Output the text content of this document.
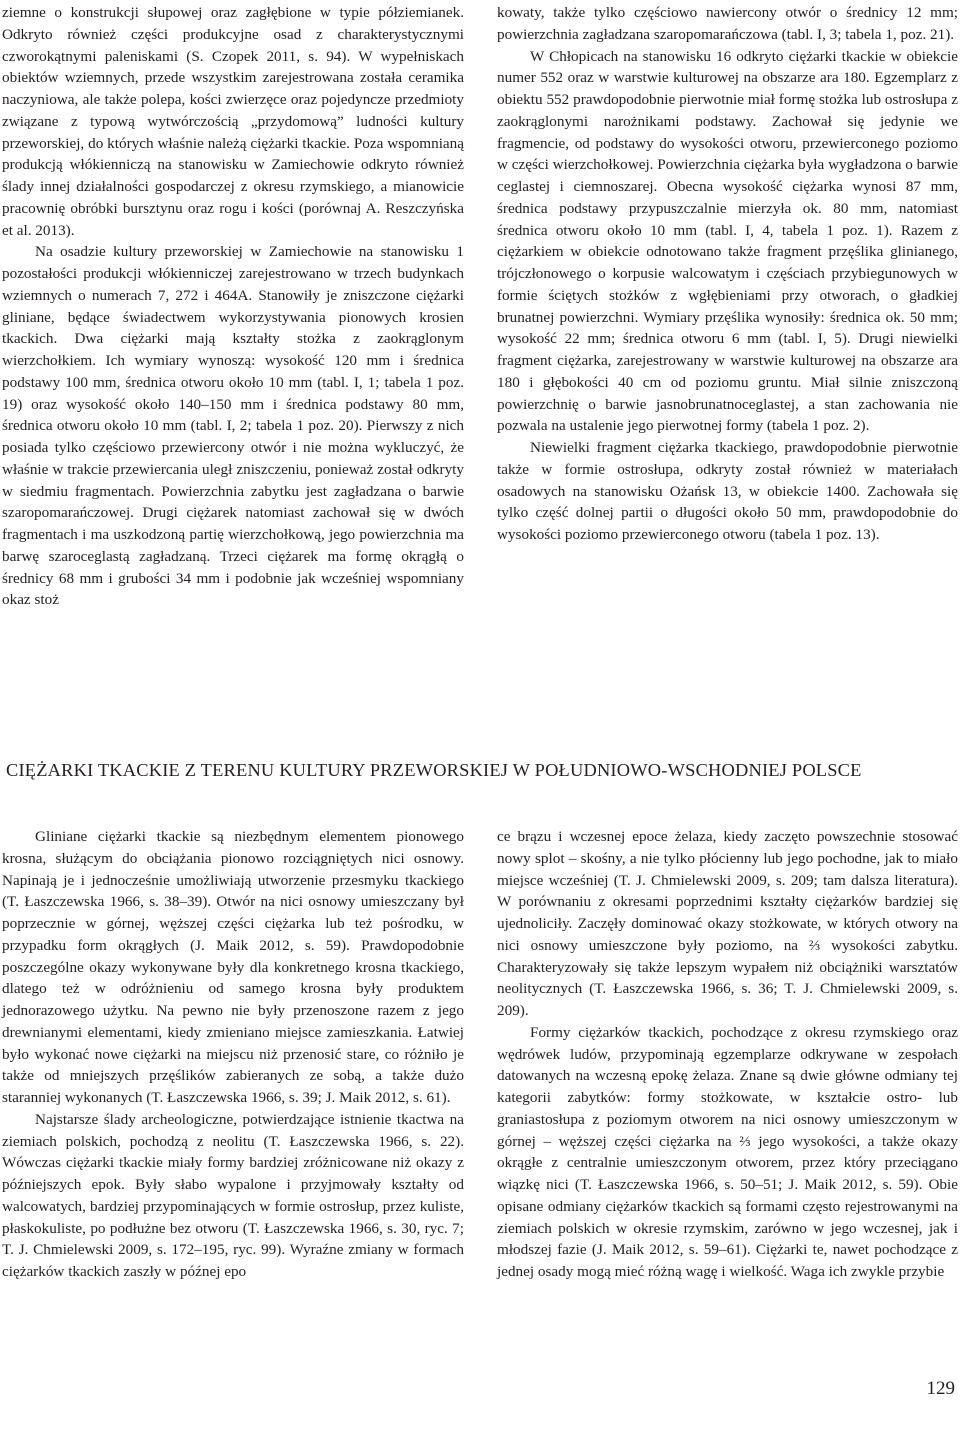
ziemne o konstrukcji słupowej oraz zagłębione w typie półziemianek. Odkryto również części produkcyjne osad z charakterystycznymi czworokątnymi paleniskami (S. Czopek 2011, s. 94). W wypełniskach obiektów wziemnych, przede wszystkim zarejestrowana została ceramika naczyniowa, ale także polepa, kości zwierzęce oraz pojedyncze przedmioty związane z typową wytwórczością „przydomową” ludności kultury przeworskiej, do których właśnie należą ciężarki tkackie. Poza wspomnianą produkcją włókienniczą na stanowisku w Zamiechowie odkryto również ślady innej działalności gospodarczej z okresu rzymskiego, a mianowicie pracownię obróbki bursztynu oraz rogu i kości (porównaj A. Reszczyńska et al. 2013).

Na osadzie kultury przeworskiej w Zamiechowie na stanowisku 1 pozostałości produkcji włókienniczej zarejestrowano w trzech budynkach wziemnych o numerach 7, 272 i 464A. Stanowiły je zniszczone ciężarki gliniane, będące świadectwem wykorzystywania pionowych krosien tkackich. Dwa ciężarki mają kształty stożka z zaokrąglonym wierzchołkiem. Ich wymiary wynoszą: wysokość 120 mm i średnica podstawy 100 mm, średnica otworu około 10 mm (tabl. I, 1; tabela 1 poz. 19) oraz wysokość około 140–150 mm i średnica podstawy 80 mm, średnica otworu około 10 mm (tabl. I, 2; tabela 1 poz. 20). Pierwszy z nich posiada tylko częściowo przewiercony otwór i nie można wykluczyć, że właśnie w trakcie przewiercania uległ zniszczeniu, ponieważ został odkryty w siedmiu fragmentach. Powierzchnia zabytku jest zagładzana o barwie szaropomarańczowej. Drugi ciężarek natomiast zachował się w dwóch fragmentach i ma uszkodzoną partię wierzchołkową, jego powierzchnia ma barwę szaroceglastą zagładzaną. Trzeci ciężarek ma formę okrągłą o średnicy 68 mm i grubości 34 mm i podobnie jak wcześniej wspomniany okaz stoż

kowaty, także tylko częściowo nawiercony otwór o średnicy 12 mm; powierzchnia zagładzana szaropomarańczowa (tabl. I, 3; tabela 1, poz. 21).

W Chłopicach na stanowisku 16 odkryto ciężarki tkackie w obiekcie numer 552 oraz w warstwie kulturowej na obszarze ara 180. Egzemplarz z obiektu 552 prawdopodobnie pierwotnie miał formę stożka lub ostrosłupa z zaokrąglonymi narożnikami podstawy. Zachował się jedynie we fragmencie, od podstawy do wysokości otworu, przewierconego poziomo w części wierzchołkowej. Powierzchnia ciężarka była wygładzona o barwie ceglastej i ciemnoszarej. Obecna wysokość ciężarka wynosi 87 mm, średnica podstawy przypuszczalnie mierzyła ok. 80 mm, natomiast średnica otworu około 10 mm (tabl. I, 4, tabela 1 poz. 1). Razem z ciężarkiem w obiekcie odnotowano także fragment przęślika glinianego, trójczłonowego o korpusie walcowatym i częściach przybiegunowych w formie ściętych stożków z wgłębieniami przy otworach, o gładkiej brunatnej powierzchni. Wymiary przęślika wynosiły: średnica ok. 50 mm; wysokość 22 mm; średnica otworu 6 mm (tabl. I, 5). Drugi niewielki fragment ciężarka, zarejestrowany w warstwie kulturowej na obszarze ara 180 i głębokości 40 cm od poziomu gruntu. Miał silnie zniszczoną powierzchnię o barwie jasnobrunatnoceglastej, a stan zachowania nie pozwala na ustalenie jego pierwotnej formy (tabela 1 poz. 2).

Niewielki fragment ciężarka tkackiego, prawdopodobnie pierwotnie także w formie ostrosłupa, odkryty został również w materiałach osadowych na stanowisku Ożańsk 13, w obiekcie 1400. Zachowała się tylko część dolnej partii o długości około 50 mm, prawdopodobnie do wysokości poziomo przewierconego otworu (tabela 1 poz. 13).

CIĘŻARKI TKACKIE Z TERENU KULTURY PRZEWORSKIEJ W POŁUDNIOWO-WSCHODNIEJ POLSCE

Gliniane ciężarki tkackie są niezbędnym elementem pionowego krosna, służącym do obciążania pionowo rozciągniętych nici osnowy. Napinają je i jednocześnie umożliwiają utworzenie przesmyku tkackiego (T. Łaszczewska 1966, s. 38–39). Otwór na nici osnowy umieszczany był poprzecznie w górnej, węższej części ciężarka lub też pośrodku, w przypadku form okrągłych (J. Maik 2012, s. 59). Prawdopodobnie poszczególne okazy wykonywane były dla konkretnego krosna tkackiego, dlatego też w odróżnieniu od samego krosna były produktem jednorazowego użytku. Na pewno nie były przenoszone razem z jego drewnianymi elementami, kiedy zmieniano miejsce zamieszkania. Łatwiej było wykonać nowe ciężarki na miejscu niż przenosić stare, co różniło je także od mniejszych przęślików zabieranych ze sobą, a także dużo staranniej wykonanych (T. Łaszczewska 1966, s. 39; J. Maik 2012, s. 61).

Najstarsze ślady archeologiczne, potwierdzające istnienie tkactwa na ziemiach polskich, pochodzą z neolitu (T. Łaszczewska 1966, s. 22). Wówczas ciężarki tkackie miały formy bardziej zróżnicowane niż okazy z późniejszych epok. Były słabo wypalone i przyjmowały kształty od walcowatych, bardziej przypominających w formie ostrosłup, przez kuliste, płaskokuliste, po podłużne bez otworu (T. Łaszczewska 1966, s. 30, ryc. 7; T. J. Chmielewski 2009, s. 172–195, ryc. 99). Wyraźne zmiany w formach ciężarków tkackich zaszły w późnej epo

ce brązu i wczesnej epoce żelaza, kiedy zaczęto powszechnie stosować nowy splot – skośny, a nie tylko płócienny lub jego pochodne, jak to miało miejsce wcześniej (T. J. Chmielewski 2009, s. 209; tam dalsza literatura). W porównaniu z okresami poprzednimi kształty ciężarków bardziej się ujednoliciły. Zaczęły dominować okazy stożkowate, w których otwory na nici osnowy umieszczone były poziomo, na ⅔ wysokości zabytku. Charakteryzowały się także lepszym wypałem niż obciążniki warsztatów neolitycznych (T. Łaszczewska 1966, s. 36; T. J. Chmielewski 2009, s. 209).

Formy ciężarków tkackich, pochodzące z okresu rzymskiego oraz wędrówek ludów, przypominają egzemplarze odkrywane w zespołach datowanych na wczesną epokę żelaza. Znane są dwie główne odmiany tej kategorii zabytków: formy stożkowate, w kształcie ostro- lub graniastosłupa z poziomym otworem na nici osnowy umieszczonym w górnej – węższej części ciężarka na ⅔ jego wysokości, a także okazy okrągłe z centralnie umieszczonym otworem, przez który przeciągano wiązkę nici (T. Łaszczewska 1966, s. 50–51; J. Maik 2012, s. 59). Obie opisane odmiany ciężarków tkackich są formami często rejestrowanymi na ziemiach polskich w okresie rzymskim, zarówno w jego wczesnej, jak i młodszej fazie (J. Maik 2012, s. 59–61). Ciężarki te, nawet pochodzące z jednej osady mogą mieć różną wagę i wielkość. Waga ich zwykle przybie

129
